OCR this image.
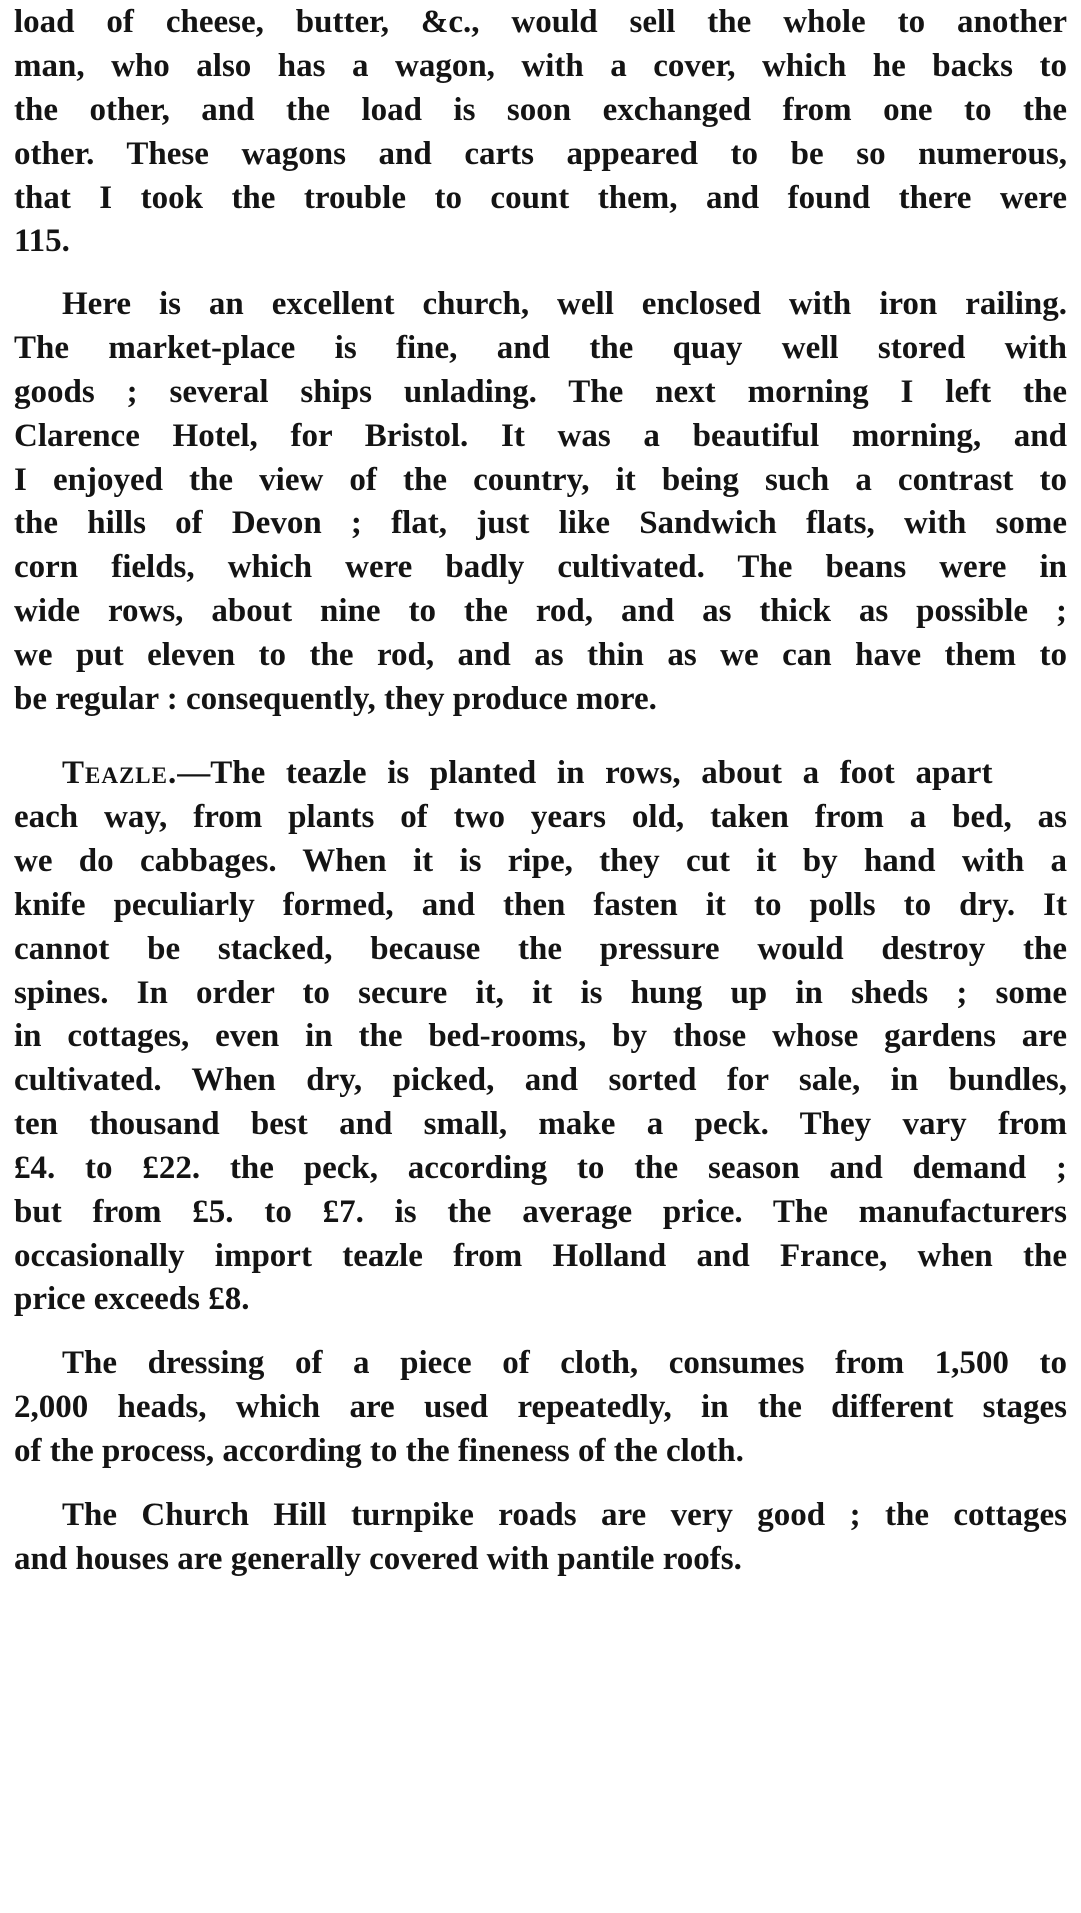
load of cheese, butter, &c., would sell the whole to another
man, who also has a wagon, with a cover, which he backs to
the other, and the load is soon exchanged from one to the
other. These wagons and carts appeared to be so numerous,
that I took the trouble to count them, and found there were
115.
Here is an excellent church, well enclosed with iron railing.
The market-place is fine, and the quay well stored with
goods ; several ships unlading. The next morning I left the
Clarence Hotel, for Bristol. It was a beautiful morning, and
I enjoyed the view of the country, it being such a contrast to
the hills of Devon ; flat, just like Sandwich flats, with some
corn fields, which were badly cultivated. The beans were in
wide rows, about nine to the rod, and as thick as possible ;
we put eleven to the rod, and as thin as we can have them to
be regular : consequently, they produce more.
Teazle.—The teazle is planted in rows, about a foot apart
each way, from plants of two years old, taken from a bed, as
we do cabbages. When it is ripe, they cut it by hand with a
knife peculiarly formed, and then fasten it to polls to dry. It
cannot be stacked, because the pressure would destroy the
spines. In order to secure it, it is hung up in sheds ; some
in cottages, even in the bed-rooms, by those whose gardens are
cultivated. When dry, picked, and sorted for sale, in bundles,
ten thousand best and small, make a peck. They vary from
£4. to £22. the peck, according to the season and demand ;
but from £5. to £7. is the average price. The manufacturers
occasionally import teazle from Holland and France, when the
price exceeds £8.
The dressing of a piece of cloth, consumes from 1,500 to
2,000 heads, which are used repeatedly, in the different stages
of the process, according to the fineness of the cloth.
The Church Hill turnpike roads are very good ; the cottages
and houses are generally covered with pantile roofs.
